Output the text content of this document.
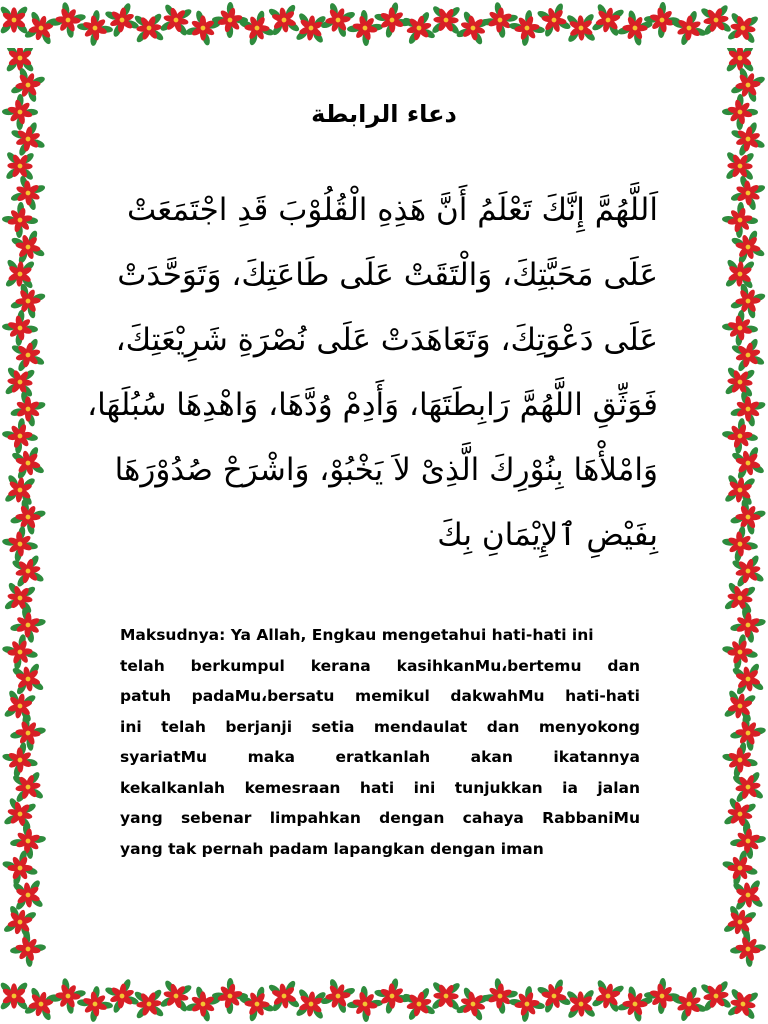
دعاء الرابطة
اَللَّهُمَّ إِنَّكَ تَعْلَمُ أَنَّ هَذِهِ الْقُلُوْبَ قَدِ اجْتَمَعَتْ
عَلَى مَحَبَّتِكَ، وَالْتَقَتْ عَلَى طَاعَتِكَ، وَتَوَحَّدَتْ
عَلَى دَعْوَتِكَ، وَتَعَاهَدَتْ عَلَى نُصْرَةِ شَرِيْعَتِكَ،
فَوَثِّقِ اللَّهُمَّ رَابِطَتَهَا، وَأَدِمْ وُدَّهَا، وَاهْدِهَا سُبُلَهَا،
وَامْلأْهَا بِنُوْرِكَ الَّذِىْ لاَ يَخْبُوْ، وَاشْرَحْ صُدُوْرَهَا
بِفَيْضِ ٱلإِيْمَانِ بِكَ
Maksudnya: Ya Allah, Engkau mengetahui hati-hati ini
telah berkumpul kerana kasihkanMu،bertemu dan
patuh padaMu،bersatu memikul dakwahMu hati-hati
ini telah berjanji setia mendaulat dan menyokong
syariatMu maka eratkanlah akan ikatannya
kekalkanlah kemesraan hati ini tunjukkan ia jalan
yang sebenar limpahkan dengan cahaya RabbaniMu
yang tak pernah padam lapangkan dengan iman
